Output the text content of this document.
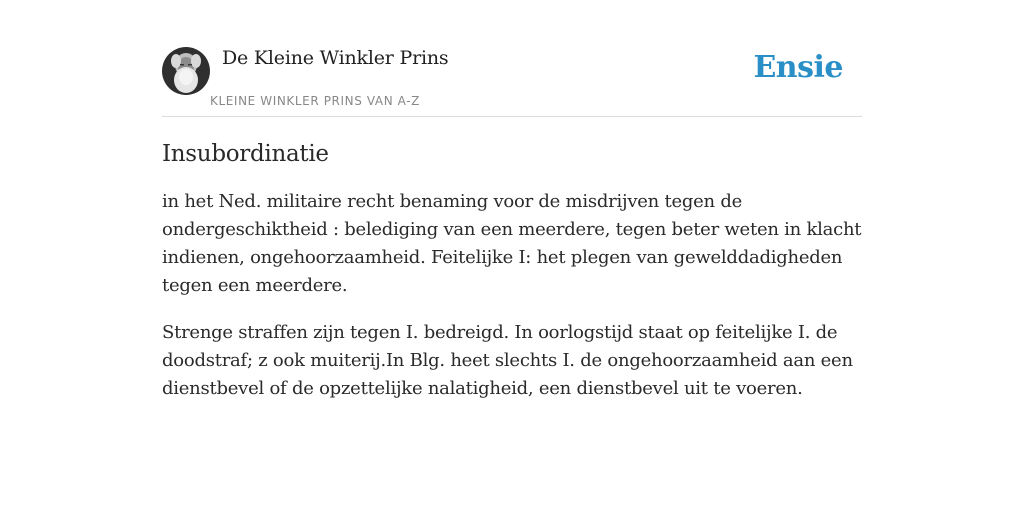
De Kleine Winkler Prins
KLEINE WINKLER PRINS VAN A-Z
Ensie
Insubordinatie

in het Ned. militaire recht benaming voor de misdrijven tegen de ondergeschiktheid : belediging van een meerdere, tegen beter weten in klacht indienen, ongehoorzaamheid. Feitelijke I: het plegen van gewelddadigheden tegen een meerdere.

Strenge straffen zijn tegen I. bedreigd. In oorlogstijd staat op feitelijke I. de doodstraf; z ook muiterij.In Blg. heet slechts I. de ongehoorzaamheid aan een dienstbevel of de opzettelijke nalatigheid, een dienstbevel uit te voeren.
